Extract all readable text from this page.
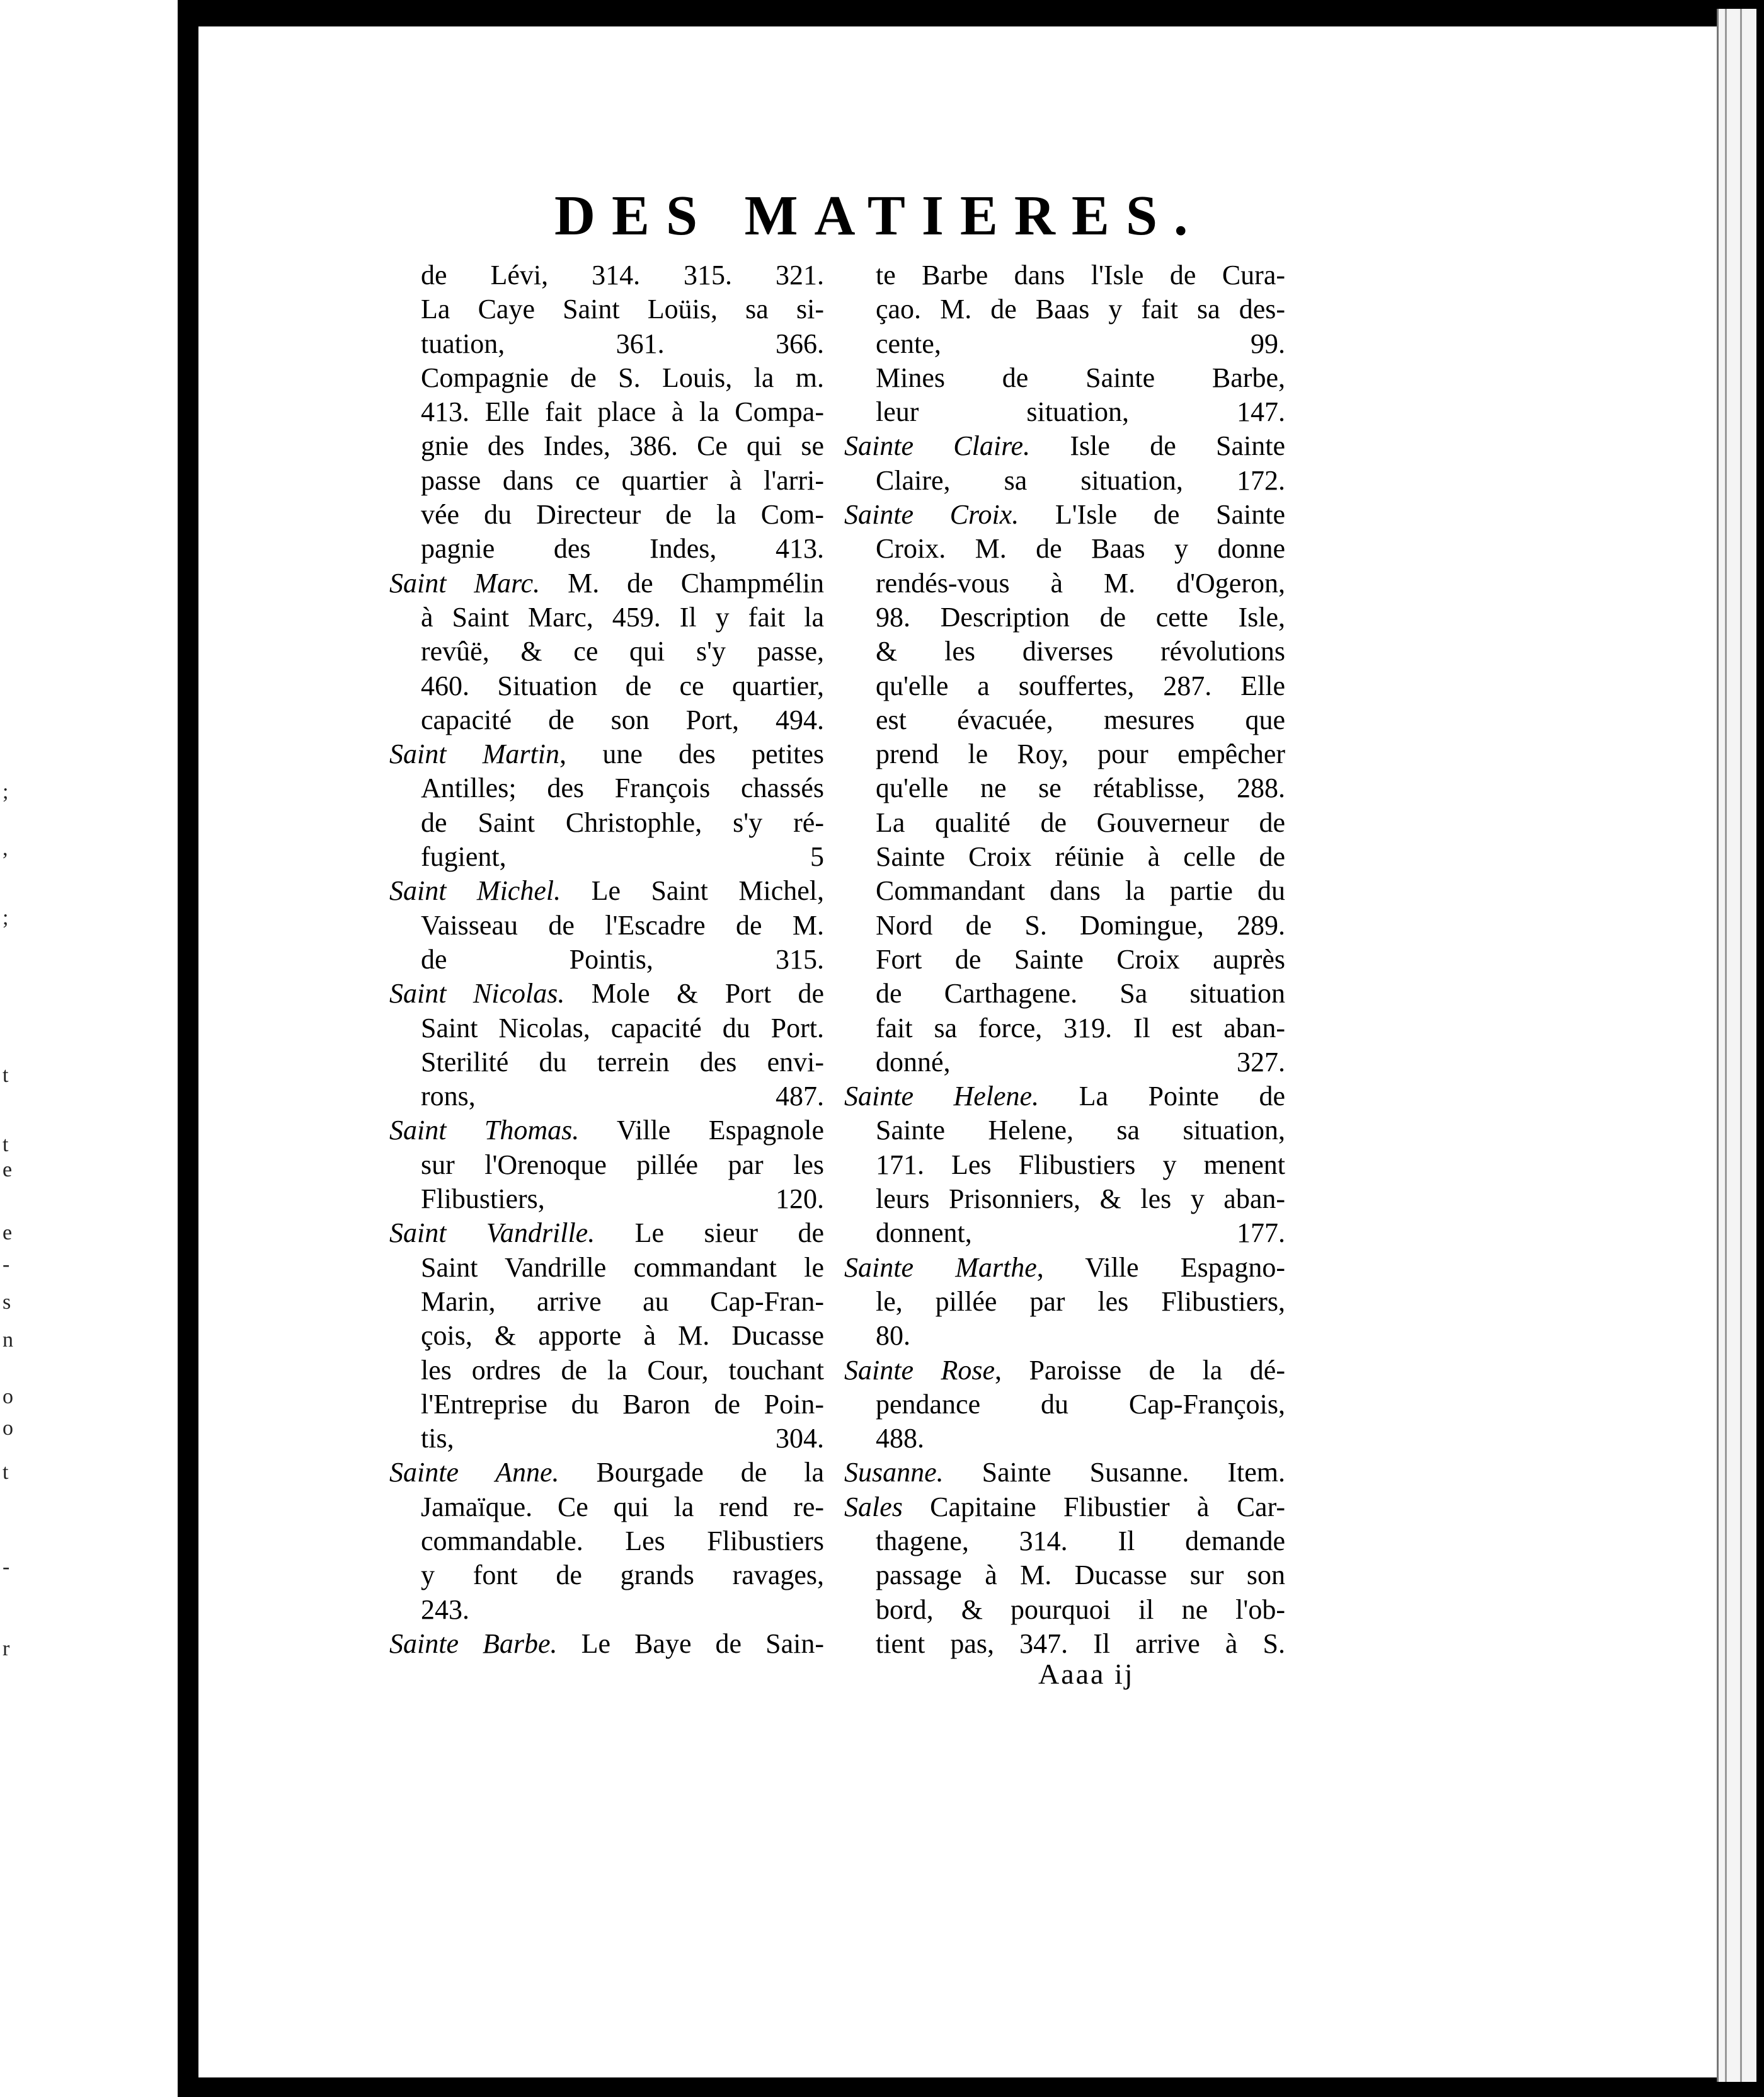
;
,
;
t
t
e
e
-
s
n
o
o
t
-
r
DES MATIERES.
de Lévi, 314. 315. 321.
La Caye Saint Loüis, sa si-
tuation, 361. 366.
Compagnie de S. Louis, la m.
413. Elle fait place à la Compa-
gnie des Indes, 386. Ce qui se
passe dans ce quartier à l'arri-
vée du Directeur de la Com-
pagnie des Indes, 413.
Saint Marc. M. de Champmélin
à Saint Marc, 459. Il y fait la
revûë, & ce qui s'y passe,
460. Situation de ce quartier,
capacité de son Port, 494.
Saint Martin, une des petites
Antilles; des François chassés
de Saint Christophle, s'y ré-
fugient, 5
Saint Michel. Le Saint Michel,
Vaisseau de l'Escadre de M.
de Pointis, 315.
Saint Nicolas. Mole & Port de
Saint Nicolas, capacité du Port.
Sterilité du terrein des envi-
rons, 487.
Saint Thomas. Ville Espagnole
sur l'Orenoque pillée par les
Flibustiers, 120.
Saint Vandrille. Le sieur de
Saint Vandrille commandant le
Marin, arrive au Cap-Fran-
çois, & apporte à M. Ducasse
les ordres de la Cour, touchant
l'Entreprise du Baron de Poin-
tis, 304.
Sainte Anne. Bourgade de la
Jamaïque. Ce qui la rend re-
commandable. Les Flibustiers
y font de grands ravages,
243.
Sainte Barbe. Le Baye de Sain-
te Barbe dans l'Isle de Cura-
çao. M. de Baas y fait sa des-
cente, 99.
Mines de Sainte Barbe,
leur situation, 147.
Sainte Claire. Isle de Sainte
Claire, sa situation, 172.
Sainte Croix. L'Isle de Sainte
Croix. M. de Baas y donne
rendés-vous à M. d'Ogeron,
98. Description de cette Isle,
& les diverses révolutions
qu'elle a souffertes, 287. Elle
est évacuée, mesures que
prend le Roy, pour empêcher
qu'elle ne se rétablisse, 288.
La qualité de Gouverneur de
Sainte Croix réünie à celle de
Commandant dans la partie du
Nord de S. Domingue, 289.
Fort de Sainte Croix auprès
de Carthagene. Sa situation
fait sa force, 319. Il est aban-
donné, 327.
Sainte Helene. La Pointe de
Sainte Helene, sa situation,
171. Les Flibustiers y menent
leurs Prisonniers, & les y aban-
donnent, 177.
Sainte Marthe, Ville Espagno-
le, pillée par les Flibustiers,
80.
Sainte Rose, Paroisse de la dé-
pendance du Cap-François,
488.
Susanne. Sainte Susanne. Item.
Sales Capitaine Flibustier à Car-
thagene, 314. Il demande
passage à M. Ducasse sur son
bord, & pourquoi il ne l'ob-
tient pas, 347. Il arrive à S.
Aaaa ij
